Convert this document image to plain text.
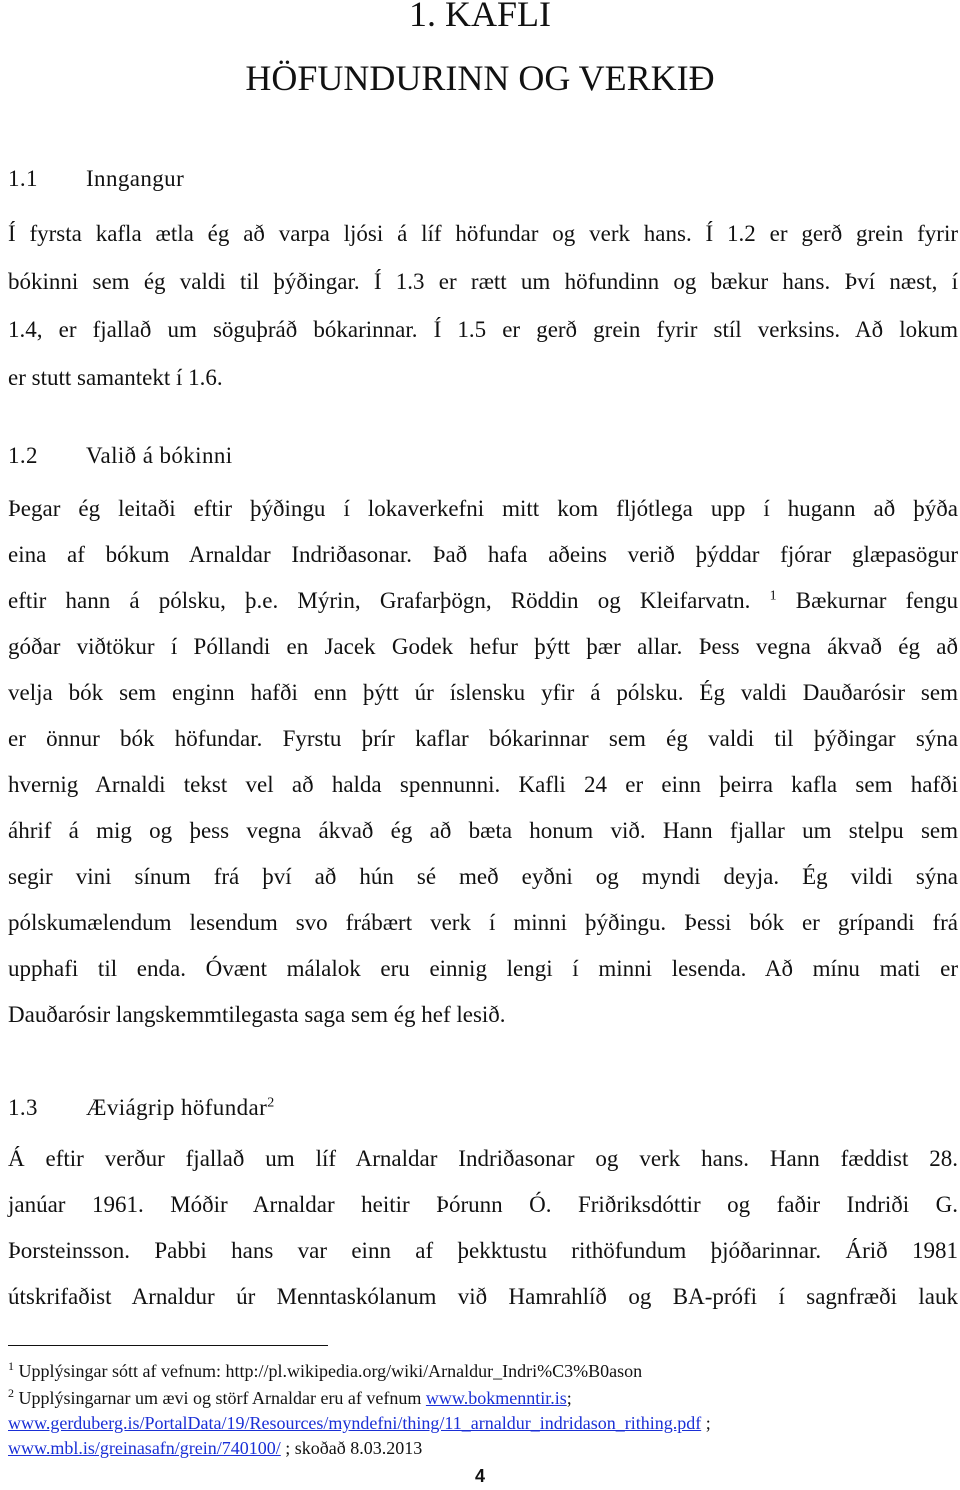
1. KAFLI
HÖFUNDURINN OG VERKIÐ
1.1 Inngangur
Í fyrsta kafla ætla ég að varpa ljósi á líf höfundar og verk hans. Í 1.2 er gerð grein fyrir
bókinni sem ég valdi til þýðingar. Í 1.3 er rætt um höfundinn og bækur hans. Því næst, í
1.4, er fjallað um söguþráð bókarinnar. Í 1.5 er gerð grein fyrir stíl verksins. Að lokum
er stutt samantekt í 1.6.
1.2 Valið á bókinni
Þegar ég leitaði eftir þýðingu í lokaverkefni mitt kom fljótlega upp í hugann að þýða
eina af bókum Arnaldar Indriðasonar. Það hafa aðeins verið þýddar fjórar glæpasögur
eftir hann á pólsku, þ.e. Mýrin, Grafarþögn, Röddin og Kleifarvatn. $^1$ Bækurnar fengu
góðar viðtökur í Póllandi en Jacek Godek hefur þýtt þær allar. Þess vegna ákvað ég að
velja bók sem enginn hafði enn þýtt úr íslensku yfir á pólsku. Ég valdi Dauðarósir sem
er önnur bók höfundar. Fyrstu þrír kaflar bókarinnar sem ég valdi til þýðingar sýna
hvernig Arnaldi tekst vel að halda spennunni. Kafli 24 er einn þeirra kafla sem hafði
áhrif á mig og þess vegna ákvað ég að bæta honum við. Hann fjallar um stelpu sem
segir vini sínum frá því að hún sé með eyðni og myndi deyja. Ég vildi sýna
pólskumælendum lesendum svo frábært verk í minni þýðingu. Þessi bók er grípandi frá
upphafi til enda. Óvænt málalok eru einnig lengi í minni lesenda. Að mínu mati er
Dauðarósir langskemmtilegasta saga sem ég hef lesið.
1.3 Æviágrip höfundar$^2$
Á eftir verður fjallað um líf Arnaldar Indriðasonar og verk hans. Hann fæddist 28.
janúar 1961. Móðir Arnaldar heitir Þórunn Ó. Friðriksdóttir og faðir Indriði G.
Þorsteinsson. Pabbi hans var einn af þekktustu rithöfundum þjóðarinnar. Árið 1981
útskrifaðist Arnaldur úr Menntaskólanum við Hamrahlíð og BA-prófi í sagnfræði lauk

$^1$ Upplýsingar sótt af vefnum: http://pl.wikipedia.org/wiki/Arnaldur_Indri%C3%B0ason

$^2$ Upplýsingarnar um ævi og störf Arnaldar eru af vefnum www.bokmenntir.is;

www.gerduberg.is/PortalData/19/Resources/myndefni/thing/11_arnaldur_indridason_rithing.pdf ;

www.mbl.is/greinasafn/grein/740100/ ; skoðað 8.03.2013

4
